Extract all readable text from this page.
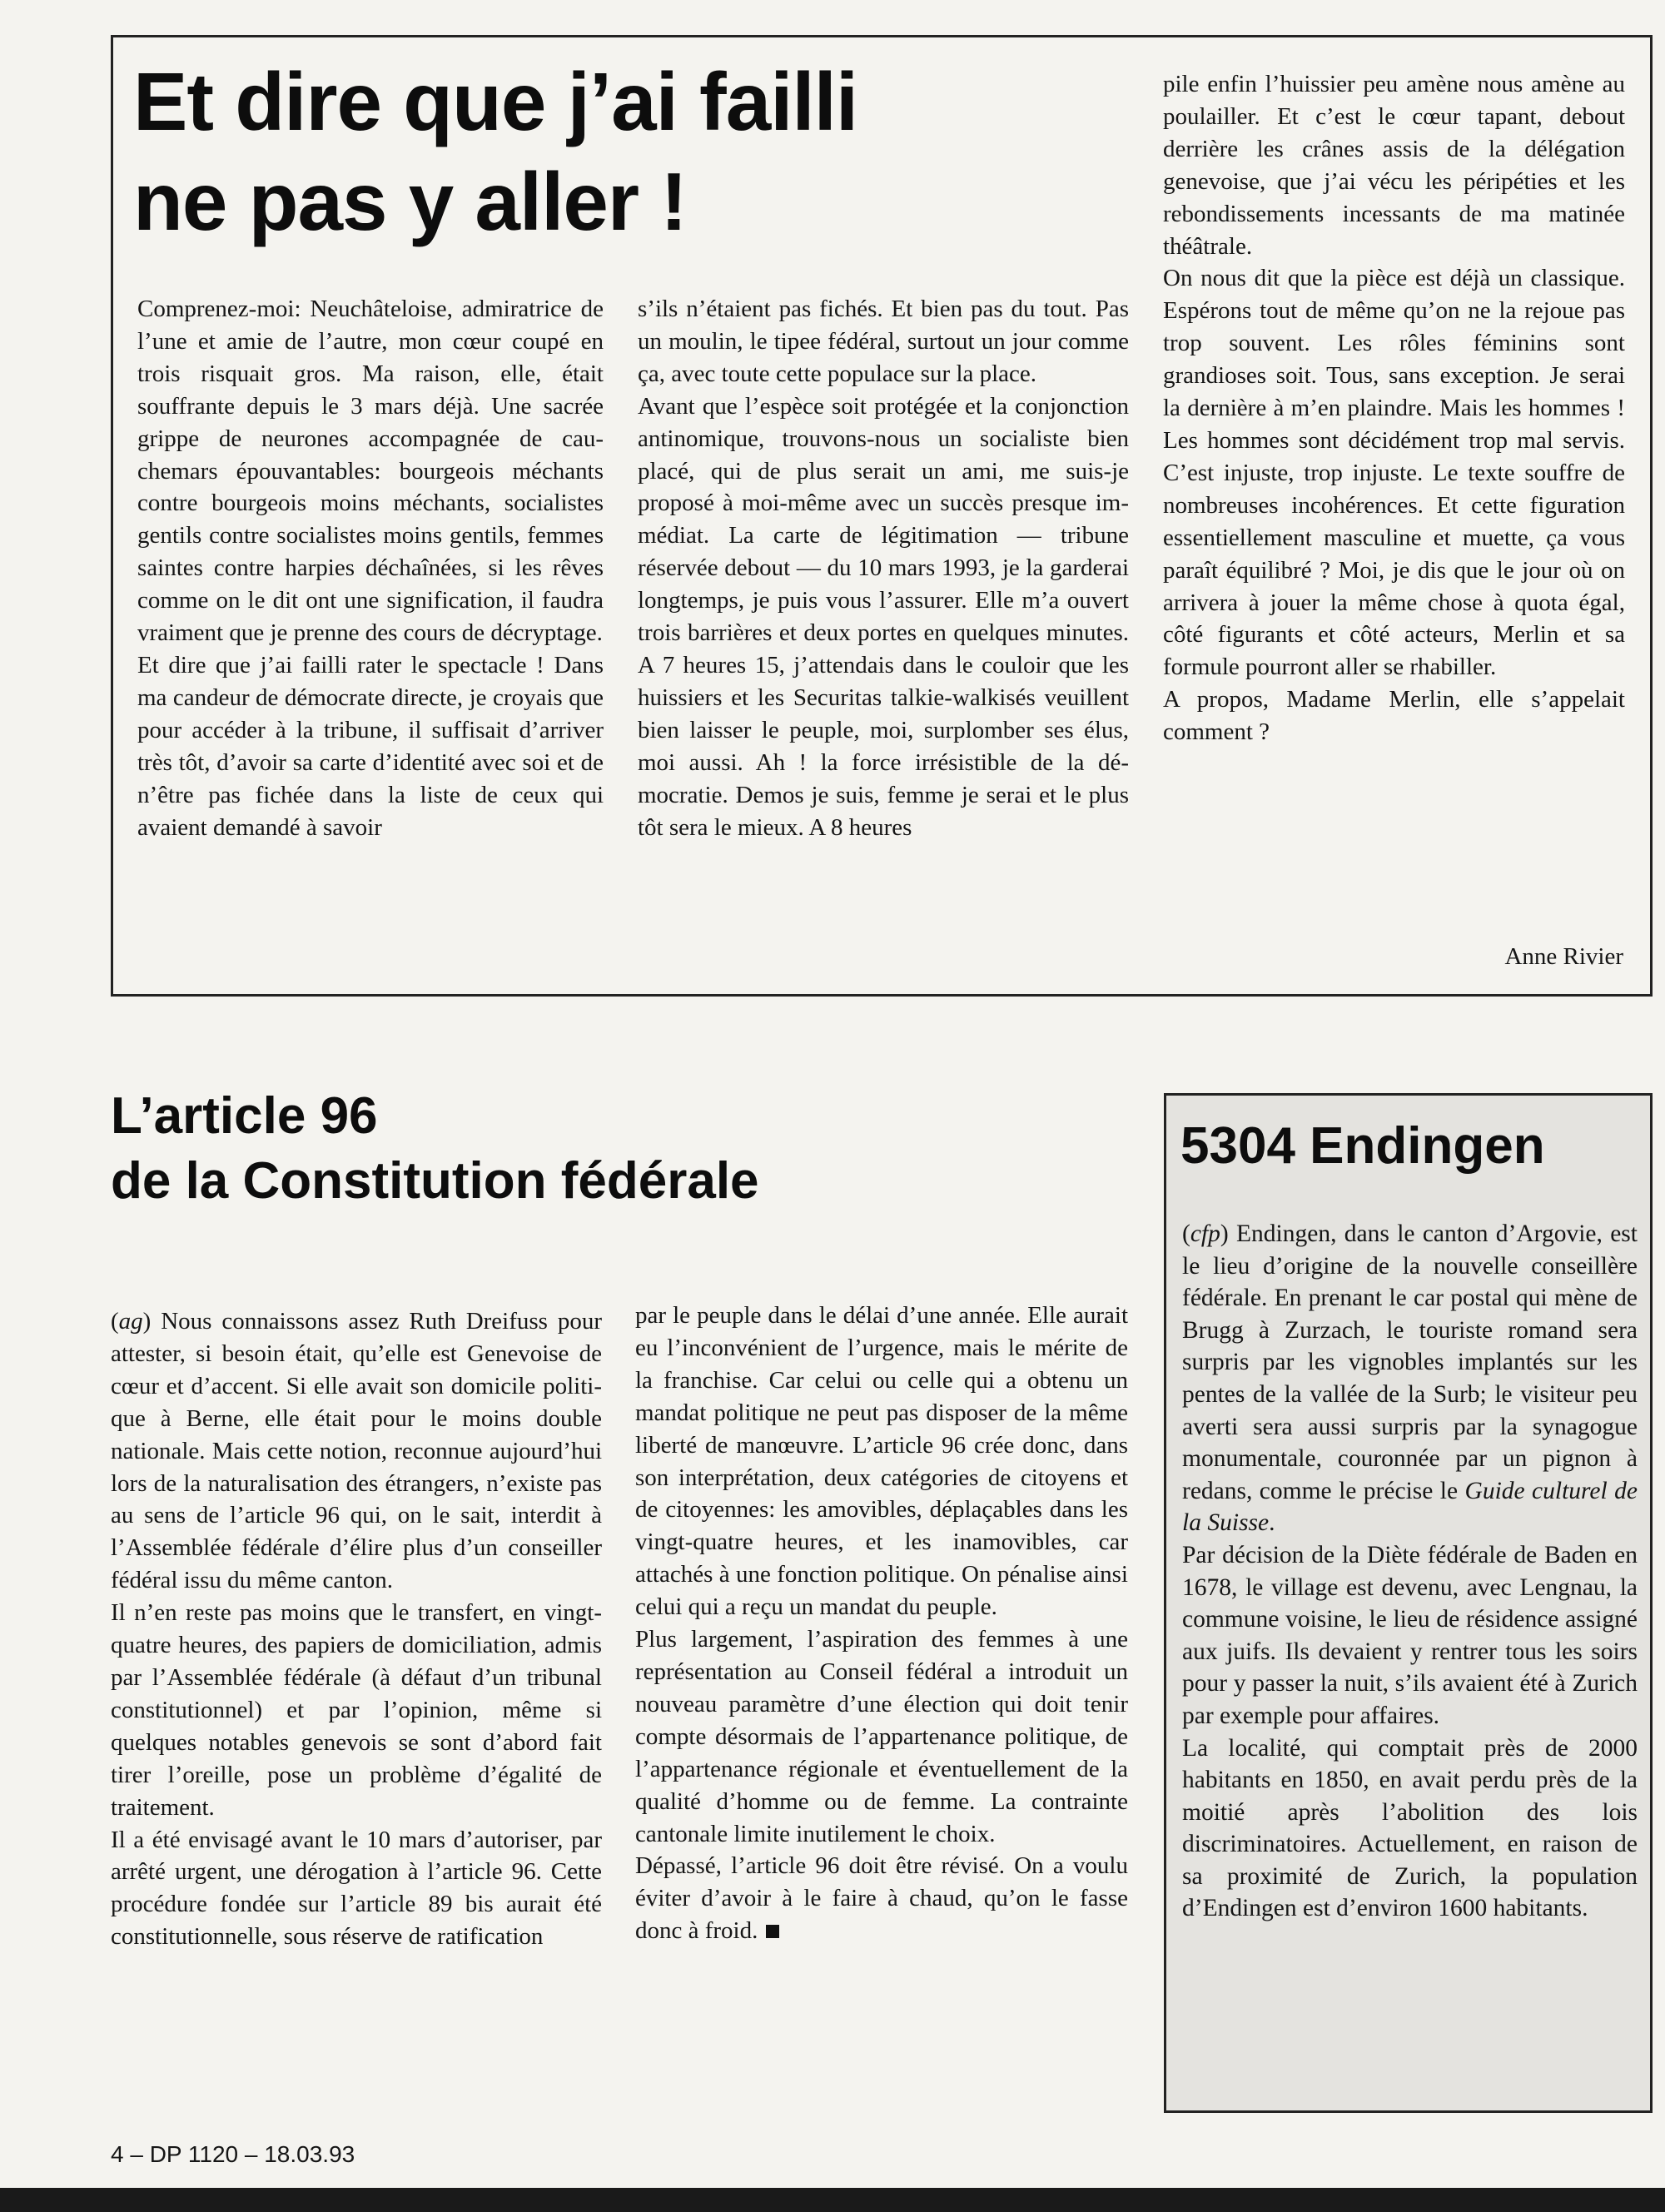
Et dire que j’ai failli
ne pas y aller !

Comprenez-moi: Neuchâteloise, admiratrice de l’une et amie de l’autre, mon cœur coupé en trois risquait gros. Ma raison, elle, était souffrante depuis le 3 mars déjà. Une sacrée grippe de neurones accompagnée de cauchemars épouvantables: bourgeois méchants contre bourgeois moins méchants, socialistes gentils contre socialistes moins gentils, femmes saintes contre harpies déchaînées, si les rêves comme on le dit ont une signification, il faudra vraiment que je prenne des cours de décryptage.

Et dire que j’ai failli rater le spectacle ! Dans ma candeur de démocrate directe, je croyais que pour accéder à la tribune, il suffisait d’arriver très tôt, d’avoir sa carte d’identité avec soi et de n’être pas fichée dans la liste de ceux qui avaient demandé à savoir

s’ils n’étaient pas fichés. Et bien pas du tout. Pas un moulin, le tipee fédéral, surtout un jour comme ça, avec toute cette populace sur la place.

Avant que l’espèce soit protégée et la conjonction antinomique, trouvons-nous un socialiste bien placé, qui de plus serait un ami, me suis-je proposé à moi-même avec un succès presque immédiat. La carte de légitimation — tribune réservée debout — du 10 mars 1993, je la garderai longtemps, je puis vous l’assurer. Elle m’a ouvert trois barrières et deux portes en quelques minutes. A 7 heures 15, j’attendais dans le couloir que les huissiers et les Securitas talkie-walkisés veuillent bien laisser le peuple, moi, surplomber ses élus, moi aussi. Ah ! la force irrésistible de la démocratie. Demos je suis, femme je serai et le plus tôt sera le mieux. A 8 heures

pile enfin l’huissier peu amène nous amène au poulailler. Et c’est le cœur tapant, debout derrière les crânes assis de la délégation genevoise, que j’ai vécu les péripéties et les rebondissements incessants de ma matinée théâtrale.

On nous dit que la pièce est déjà un classique. Espérons tout de même qu’on ne la rejoue pas trop souvent. Les rôles féminins sont grandioses soit. Tous, sans exception. Je serai la dernière à m’en plaindre. Mais les hommes ! Les hommes sont décidément trop mal servis. C’est injuste, trop injuste. Le texte souffre de nombreuses incohérences. Et cette figuration essentiellement masculine et muette, ça vous paraît équilibré ? Moi, je dis que le jour où on arrivera à jouer la même chose à quota égal, côté figurants et côté acteurs, Merlin et sa formule pourront aller se rhabiller.

A propos, Madame Merlin, elle s’appelait comment ?

Anne Rivier

L’article 96
de la Constitution fédérale

(ag) Nous connaissons assez Ruth Dreifuss pour attester, si besoin était, qu’elle est Genevoise de cœur et d’accent. Si elle avait son domicile politique à Berne, elle était pour le moins double nationale. Mais cette notion, reconnue aujourd’hui lors de la naturalisation des étrangers, n’existe pas au sens de l’article 96 qui, on le sait, interdit à l’Assemblée fédérale d’élire plus d’un conseiller fédéral issu du même canton.

Il n’en reste pas moins que le transfert, en vingt-quatre heures, des papiers de domiciliation, admis par l’Assemblée fédérale (à défaut d’un tribunal constitutionnel) et par l’opinion, même si quelques notables genevois se sont d’abord fait tirer l’oreille, pose un problème d’égalité de traitement.

Il a été envisagé avant le 10 mars d’autoriser, par arrêté urgent, une dérogation à l’article 96. Cette procédure fondée sur l’article 89 bis aurait été constitutionnelle, sous réserve de ratification

par le peuple dans le délai d’une année. Elle aurait eu l’inconvénient de l’urgence, mais le mérite de la franchise. Car celui ou celle qui a obtenu un mandat politique ne peut pas disposer de la même liberté de manœuvre. L’article 96 crée donc, dans son interprétation, deux catégories de citoyens et de citoyennes: les amovibles, déplaçables dans les vingt-quatre heures, et les inamovibles, car attachés à une fonction politique. On pénalise ainsi celui qui a reçu un mandat du peuple.

Plus largement, l’aspiration des femmes à une représentation au Conseil fédéral a introduit un nouveau paramètre d’une élection qui doit tenir compte désormais de l’appartenance politique, de l’appartenance régionale et éventuellement de la qualité d’homme ou de femme. La contrainte cantonale limite inutilement le choix.

Dépassé, l’article 96 doit être révisé. On a voulu éviter d’avoir à le faire à chaud, qu’on le fasse donc à froid.

5304 Endingen

(cfp) Endingen, dans le canton d’Argovie, est le lieu d’origine de la nouvelle conseillère fédérale. En prenant le car postal qui mène de Brugg à Zurzach, le touriste romand sera surpris par les vignobles implantés sur les pentes de la vallée de la Surb; le visiteur peu averti sera aussi surpris par la synagogue monumentale, couronnée par un pignon à redans, comme le précise le Guide culturel de la Suisse.

Par décision de la Diète fédérale de Baden en 1678, le village est devenu, avec Lengnau, la commune voisine, le lieu de résidence assigné aux juifs. Ils devaient y rentrer tous les soirs pour y passer la nuit, s’ils avaient été à Zurich par exemple pour affaires.

La localité, qui comptait près de 2000 habitants en 1850, en avait perdu près de la moitié après l’abolition des lois discriminatoires. Actuellement, en raison de sa proximité de Zurich, la population d’Endingen est d’environ 1600 habitants.

4 – DP 1120 – 18.03.93
